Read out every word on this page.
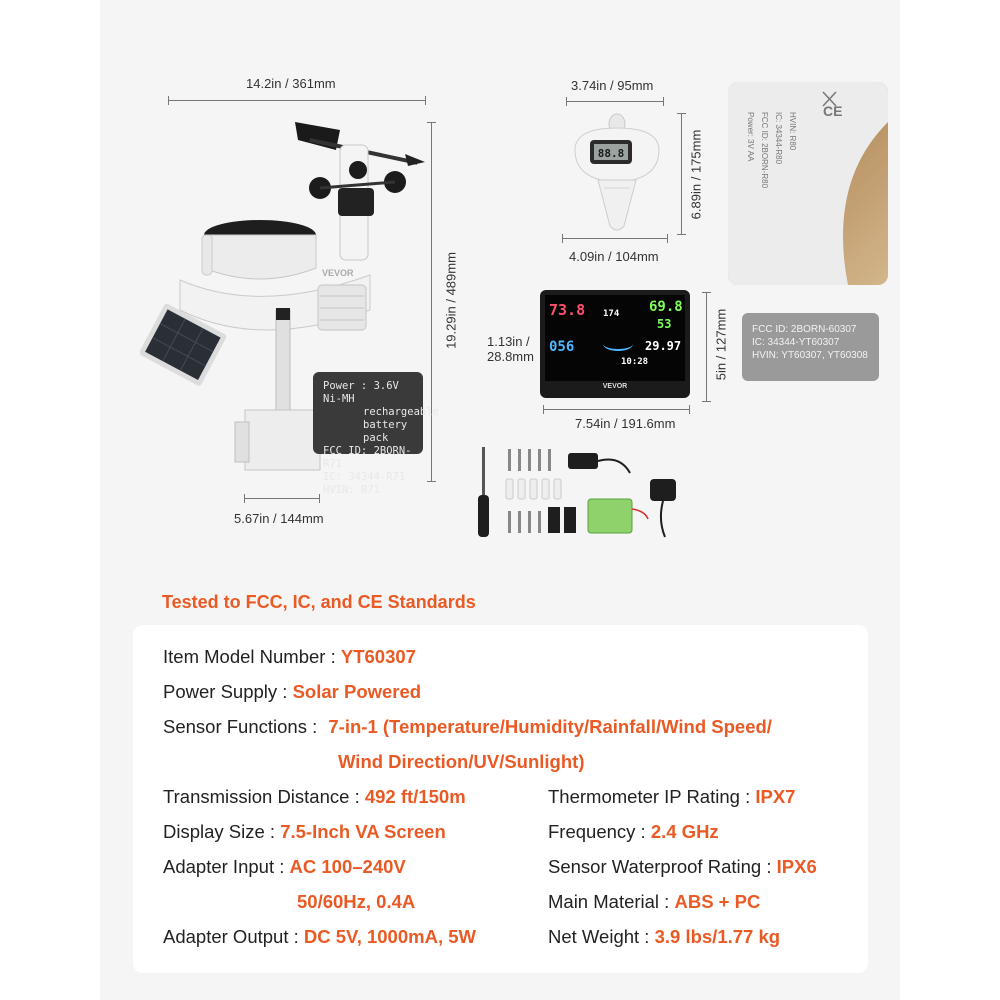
14.2in / 361mm
19.29in / 489mm
5.67in / 144mm
VEVOR
Power : 3.6V Ni-MH
rechargeable
battery pack
FCC ID: 2BORN-R71
IC: 34344-R71
HVIN: R71
3.74in / 95mm
6.89in / 175mm
4.09in / 104mm
88.8	Power: 3V AA FCC ID: 2BORN-R80 IC: 34344-R80 HVIN: R80
CE
1.13in / 28.8mm	5in / 127mm
7.54in / 191.6mm
73.8 174 69.8
53
056	29.97
10:28
VEVOR
FCC ID: 2BORN-60307
IC: 34344-YT60307
HVIN: YT60307, YT60308
Tested to FCC, IC, and CE Standards
Item Model Number : YT60307
Power Supply : Solar Powered
Sensor Functions : 7-in-1 (Temperature/Humidity/Rainfall/Wind Speed/
Wind Direction/UV/Sunlight)
Transmission Distance : 492 ft/150m
Display Size : 7.5-Inch VA Screen
Adapter Input : AC 100–240V
50/60Hz, 0.4A
Adapter Output : DC 5V, 1000mA, 5W
Thermometer IP Rating : IPX7
Frequency : 2.4 GHz
Sensor Waterproof Rating : IPX6
Main Material : ABS + PC
Net Weight : 3.9 lbs/1.77 kg
